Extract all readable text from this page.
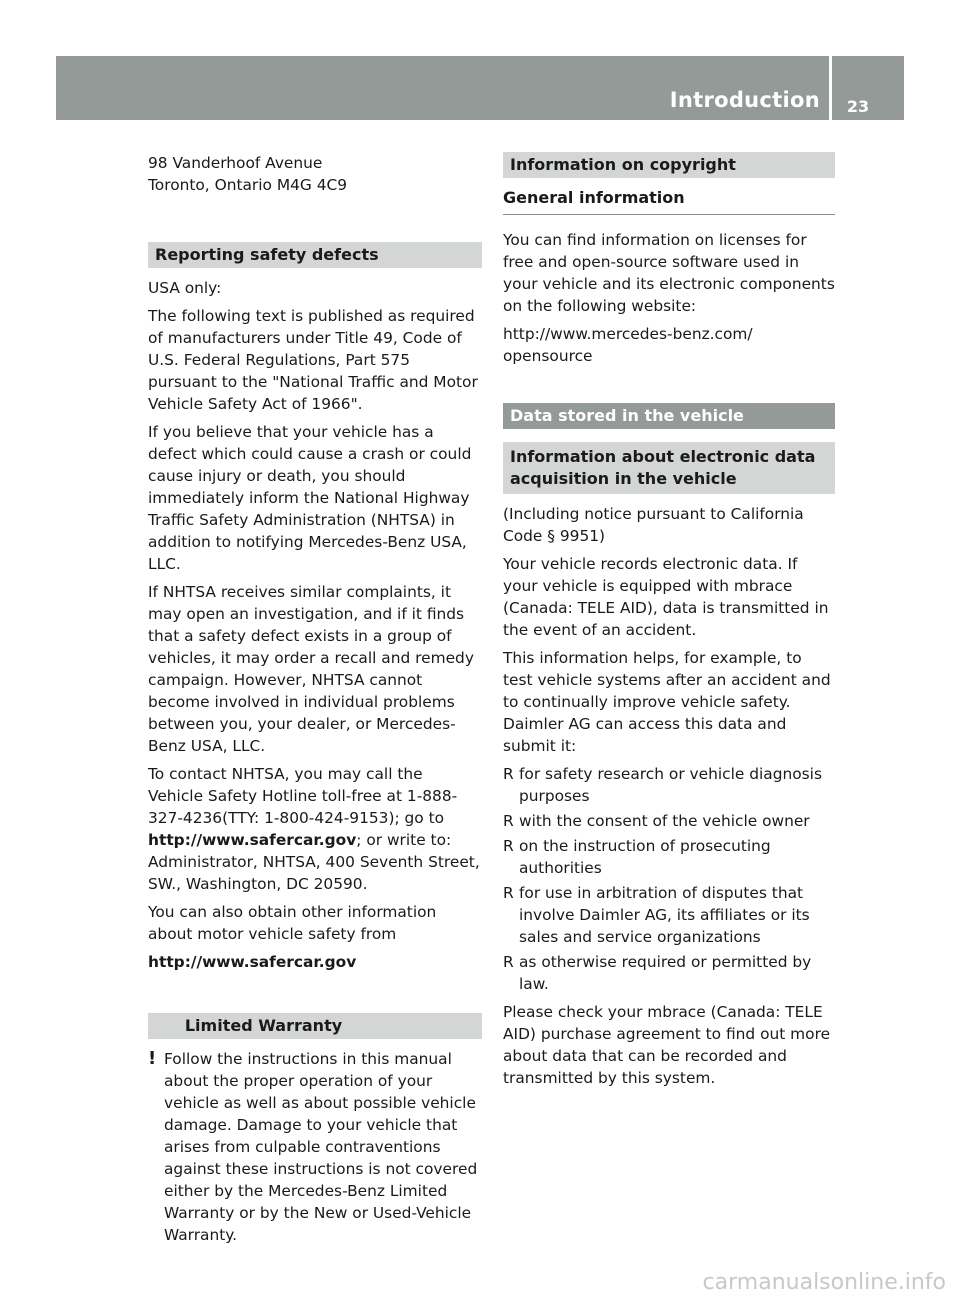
Introduction	23
98 Vanderhoof Avenue
Toronto, Ontario M4G 4C9
Reporting safety defects

USA only:

The following text is published as required of manufacturers under Title 49, Code of U.S. Federal Regulations, Part 575 pursuant to the "National Traffic and Motor Vehicle Safety Act of 1966".

If you believe that your vehicle has a defect which could cause a crash or could cause injury or death, you should immediately inform the National Highway Traffic Safety Administration (NHTSA) in addition to notifying Mercedes-Benz USA, LLC.

If NHTSA receives similar complaints, it may open an investigation, and if it finds that a safety defect exists in a group of vehicles, it may order a recall and remedy campaign. However, NHTSA cannot become involved in individual problems between you, your dealer, or Mercedes-Benz USA, LLC.

To contact NHTSA, you may call the Vehicle Safety Hotline toll-free at 1-888-327-4236(TTY: 1-800-424-9153); go to http://www.safercar.gov; or write to: Administrator, NHTSA, 400 Seventh Street, SW., Washington, DC 20590.

You can also obtain other information about motor vehicle safety from

http://www.safercar.gov

Limited Warranty
! Follow the instructions in this manual about the proper operation of your vehicle as well as about possible vehicle damage. Damage to your vehicle that arises from culpable contraventions against these instructions is not covered either by the Mercedes-Benz Limited Warranty or by the New or Used-Vehicle Warranty.
Information on copyright
General information

You can find information on licenses for free and open-source software used in your vehicle and its electronic components on the following website:

http://www.mercedes-benz.com/
opensource
Data stored in the vehicle
Information about electronic data acquisition in the vehicle

(Including notice pursuant to California Code § 9951)

Your vehicle records electronic data. If your vehicle is equipped with mbrace (Canada: TELE AID), data is transmitted in the event of an accident.

This information helps, for example, to test vehicle systems after an accident and to continually improve vehicle safety.

Daimler AG can access this data and submit it:

R for safety research or vehicle diagnosis purposes
R with the consent of the vehicle owner
R on the instruction of prosecuting authorities
R for use in arbitration of disputes that involve Daimler AG, its affiliates or its sales and service organizations
R as otherwise required or permitted by law.

Please check your mbrace (Canada: TELE AID) purchase agreement to find out more about data that can be recorded and transmitted by this system.

carmanualsonline.info
